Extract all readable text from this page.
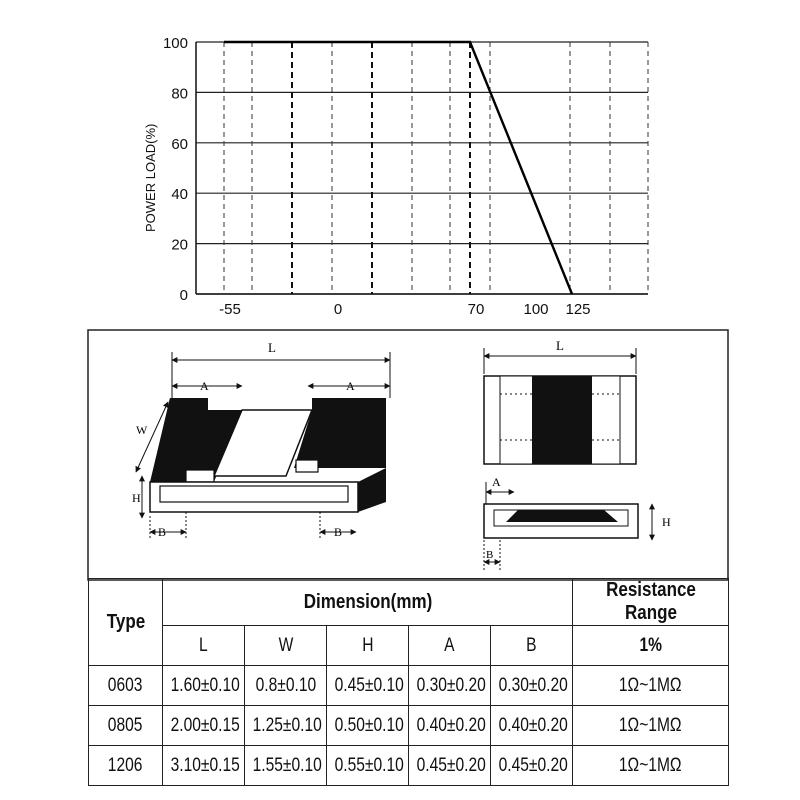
0
20
40
60
80
100
-55	0	70	100 125
POWER LOAD(%)
L
A	A
W
H
B	B
L
A
H
B
Type	Dimension(mm)					Resistance Range
	L	W	H	A	B	1%
0603	1.60±0.10	0.8±0.10	0.45±0.10	0.30±0.20	0.30±0.20	1Ω~1MΩ
0805	2.00±0.15	1.25±0.10	0.50±0.10	0.40±0.20	0.40±0.20	1Ω~1MΩ
1206	3.10±0.15	1.55±0.10	0.55±0.10	0.45±0.20	0.45±0.20	1Ω~1MΩ
